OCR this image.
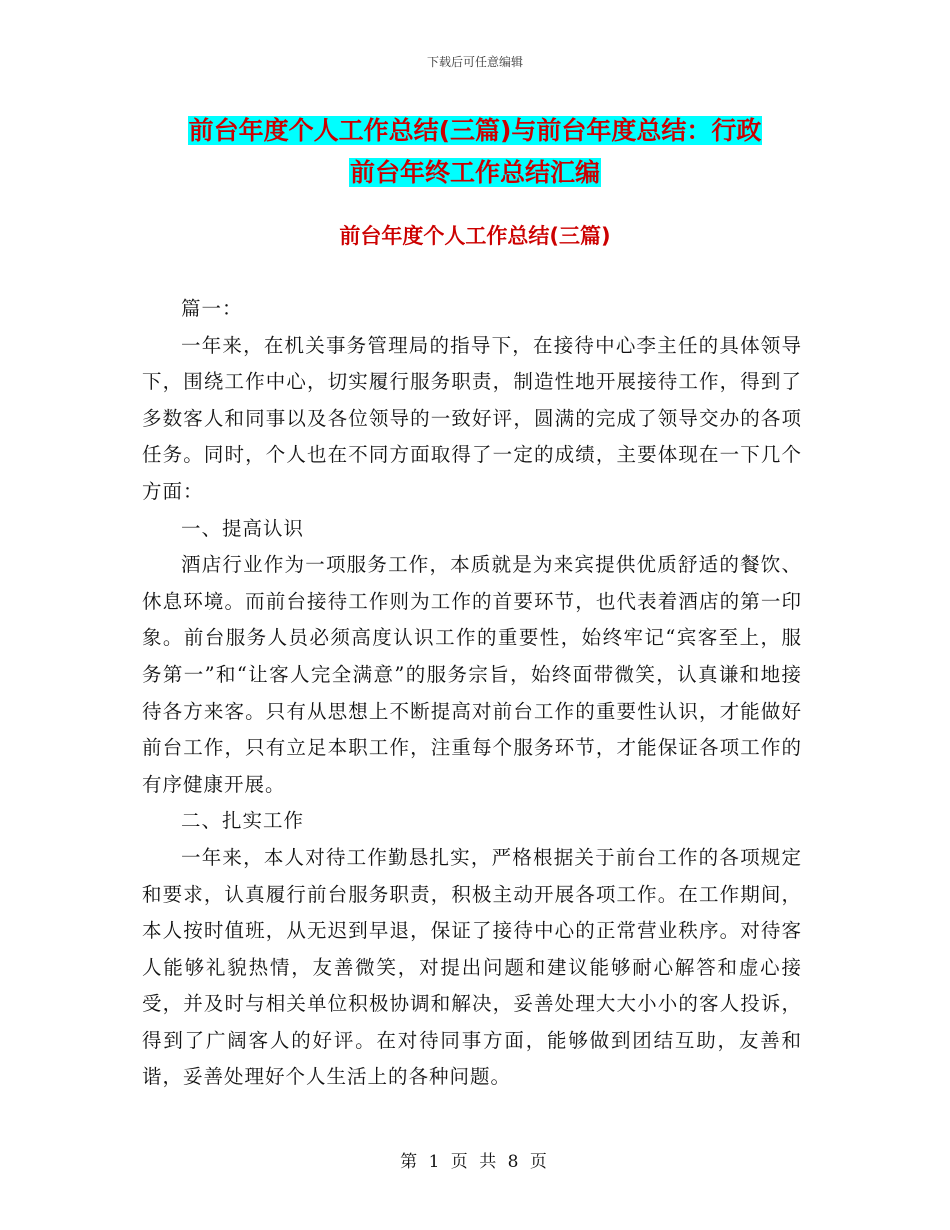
下载后可任意编辑
前台年度个人工作总结(三篇)与前台年度总结：行政
前台年终工作总结汇编
前台年度个人工作总结(三篇)

篇一：

一年来，在机关事务管理局的指导下，在接待中心李主任的具体领导下，围绕工作中心，切实履行服务职责，制造性地开展接待工作，得到了多数客人和同事以及各位领导的一致好评，圆满的完成了领导交办的各项任务。同时，个人也在不同方面取得了一定的成绩，主要体现在一下几个方面：

一、提高认识

酒店行业作为一项服务工作，本质就是为来宾提供优质舒适的餐饮、休息环境。而前台接待工作则为工作的首要环节，也代表着酒店的第一印象。前台服务人员必须高度认识工作的重要性，始终牢记“宾客至上，服务第一”和“让客人完全满意”的服务宗旨，始终面带微笑，认真谦和地接待各方来客。只有从思想上不断提高对前台工作的重要性认识，才能做好前台工作，只有立足本职工作，注重每个服务环节，才能保证各项工作的有序健康开展。

二、扎实工作

一年来，本人对待工作勤恳扎实，严格根据关于前台工作的各项规定和要求，认真履行前台服务职责，积极主动开展各项工作。在工作期间，本人按时值班，从无迟到早退，保证了接待中心的正常营业秩序。对待客人能够礼貌热情，友善微笑，对提出问题和建议能够耐心解答和虚心接受，并及时与相关单位积极协调和解决，妥善处理大大小小的客人投诉，得到了广阔客人的好评。在对待同事方面，能够做到团结互助，友善和谐，妥善处理好个人生活上的各种问题。

第 1 页 共 8 页
